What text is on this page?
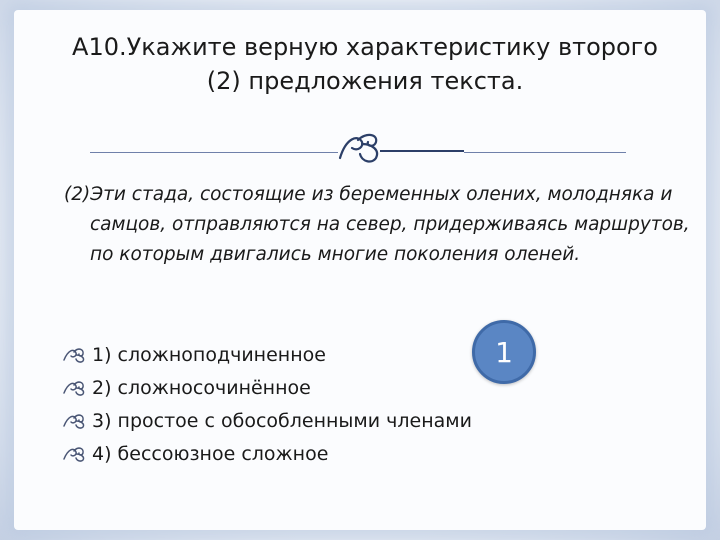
А10.Укажите верную характеристику второго
(2) предложения текста.
(2)Эти стада, состоящие из беременных олених, молодняка и самцов, отправляются на север, придерживаясь маршрутов, по которым двигались многие поколения оленей.
1) сложноподчиненное
2) сложносочинённое
3) простое с обособленными членами
4) бессоюзное сложное
1
